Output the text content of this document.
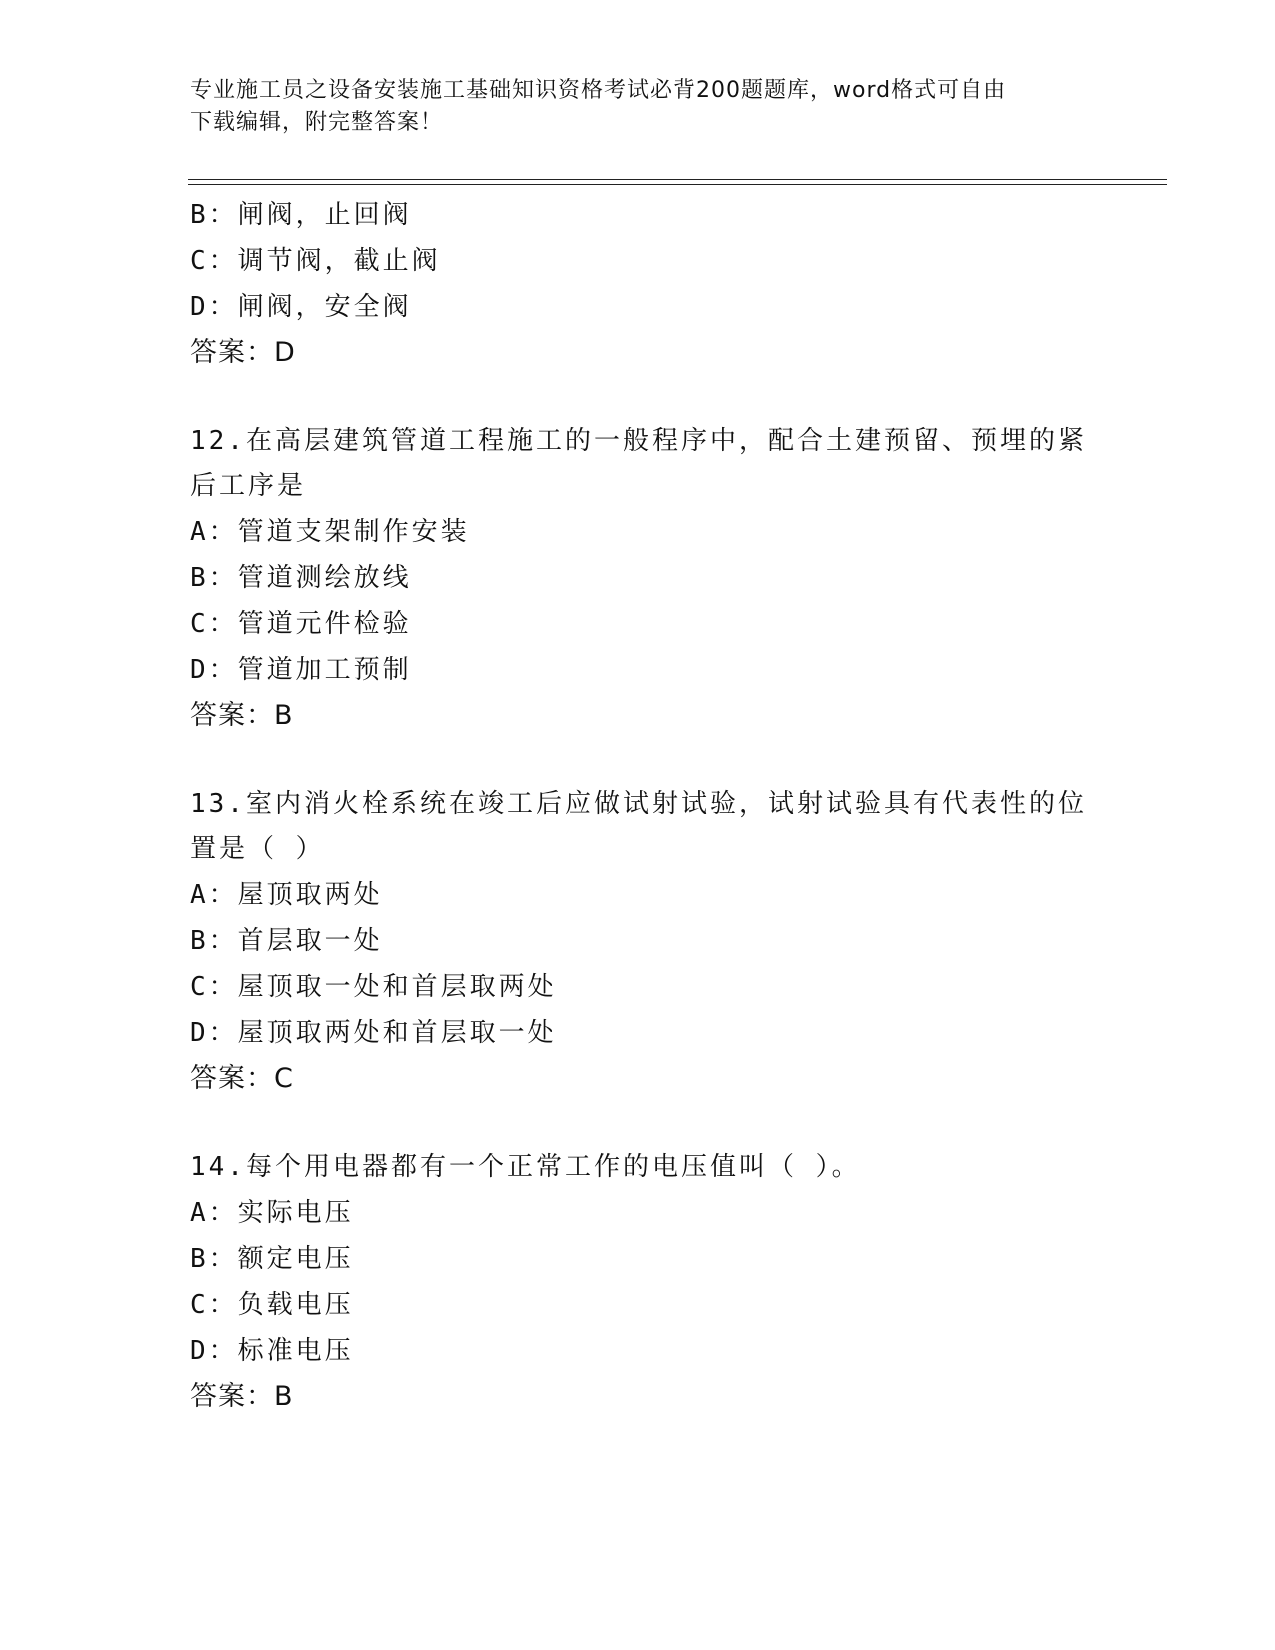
专业施工员之设备安装施工基础知识资格考试必背200题题库，word格式可自由
下载编辑，附完整答案！
B：闸阀，止回阀
C：调节阀，截止阀
D：闸阀，安全阀
答案：D
12.在高层建筑管道工程施工的一般程序中，配合土建预留、预埋的紧
后工序是
A：管道支架制作安装
B：管道测绘放线
C：管道元件检验
D：管道加工预制
答案：B
13.室内消火栓系统在竣工后应做试射试验，试射试验具有代表性的位
置是（ ）
A：屋顶取两处
B：首层取一处
C：屋顶取一处和首层取两处
D：屋顶取两处和首层取一处
答案：C
14.每个用电器都有一个正常工作的电压值叫（ ）。
A：实际电压
B：额定电压
C：负载电压
D：标准电压
答案：B
